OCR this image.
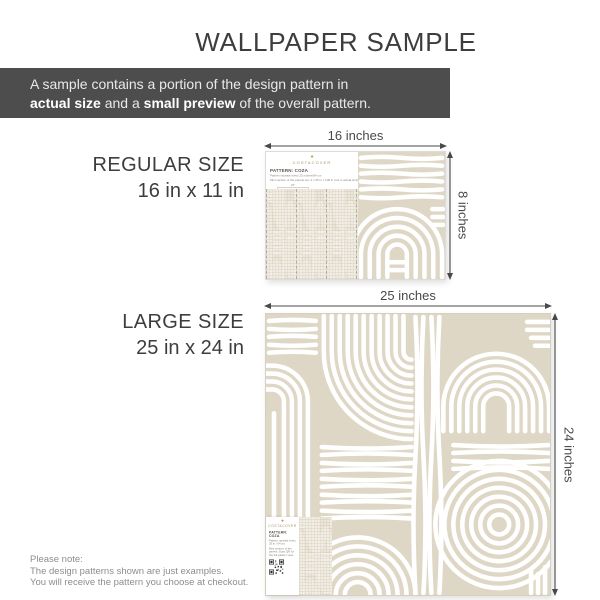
WALLPAPER SAMPLE
A sample contains a portion of the design pattern in
actual size and a small preview of the overall pattern.
REGULAR SIZE
16 in x 11 in
16 inches
8 inches
✦
COSTACOVER
PATTERN: COZA
Pattern repeats every 25 inches/64 cm
Mini version of the panels set: 4 x 25 in x 108 in (not in actual size)
25″
LARGE SIZE
25 in x 24 in
25 inches
24 inches
✦
COSTACOVER
PATTERN: COZA
Pattern repeats every 25 in / 64 cm
Mini version of the panels. Scan QR for the full pattern view.
Please note:
The design patterns shown are just examples.
You will receive the pattern you choose at checkout.
